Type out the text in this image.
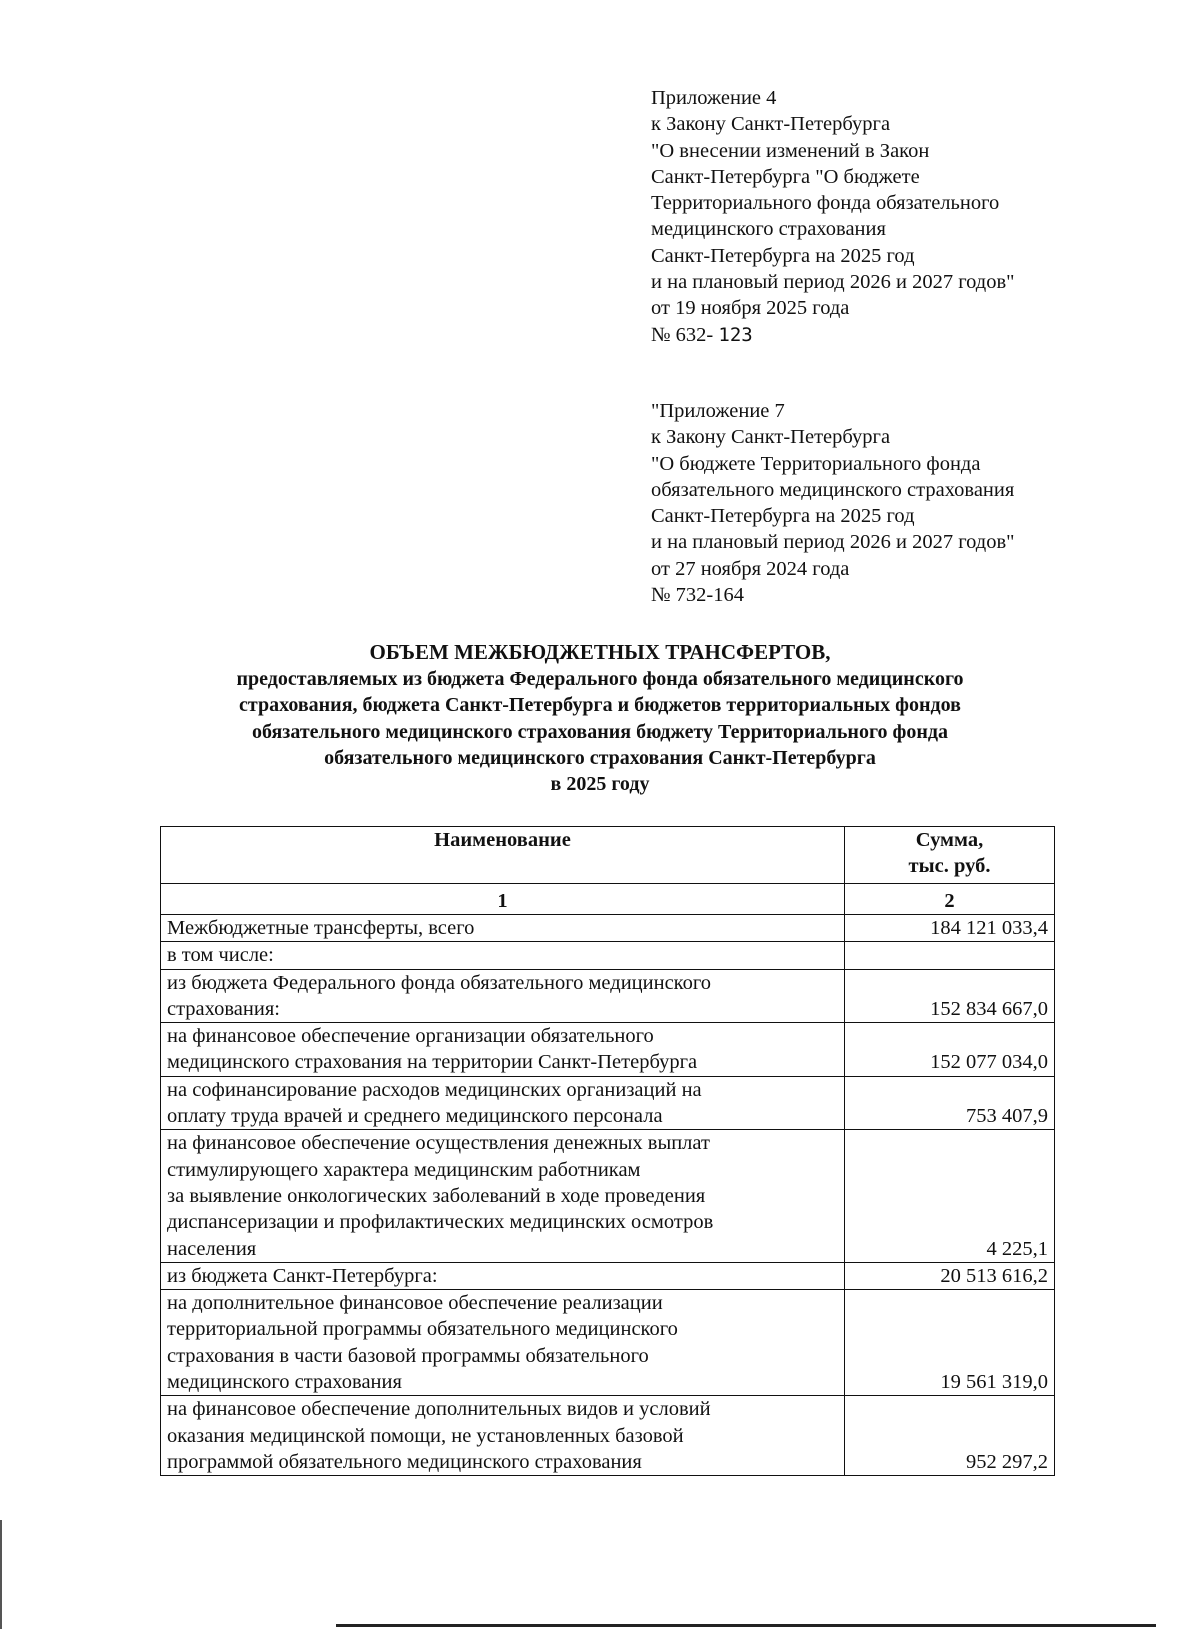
Приложение 4
к Закону Санкт-Петербурга
"О внесении изменений в Закон
Санкт-Петербурга "О бюджете
Территориального фонда обязательного
медицинского страхования
Санкт-Петербурга на 2025 год
и на плановый период 2026 и 2027 годов"
от 19 ноября 2025 года
№ 632- 123
"Приложение 7
к Закону Санкт-Петербурга
"О бюджете Территориального фонда
обязательного медицинского страхования
Санкт-Петербурга на 2025 год
и на плановый период 2026 и 2027 годов"
от 27 ноября 2024 года
№ 732-164
ОБЪЕМ МЕЖБЮДЖЕТНЫХ ТРАНСФЕРТОВ,
предоставляемых из бюджета Федерального фонда обязательного медицинского
страхования, бюджета Санкт-Петербурга и бюджетов территориальных фондов
обязательного медицинского страхования бюджету Территориального фонда
обязательного медицинского страхования Санкт-Петербурга
в 2025 году
Наименование	Сумма,
тыс. руб.
1	2

Межбюджетные трансферты, всего	184 121 033,4

в том числе:	

из бюджета Федерального фонда обязательного медицинского
страхования:	152 834 667,0

на финансовое обеспечение организации обязательного
медицинского страхования на территории Санкт-Петербурга	152 077 034,0

на софинансирование расходов медицинских организаций на
оплату труда врачей и среднего медицинского персонала	753 407,9

на финансовое обеспечение осуществления денежных выплат
стимулирующего характера медицинским работникам
за выявление онкологических заболеваний в ходе проведения
диспансеризации и профилактических медицинских осмотров
населения	4 225,1

из бюджета Санкт-Петербурга:	20 513 616,2

на дополнительное финансовое обеспечение реализации
территориальной программы обязательного медицинского
страхования в части базовой программы обязательного
медицинского страхования	19 561 319,0

на финансовое обеспечение дополнительных видов и условий
оказания медицинской помощи, не установленных базовой
программой обязательного медицинского страхования	952 297,2
